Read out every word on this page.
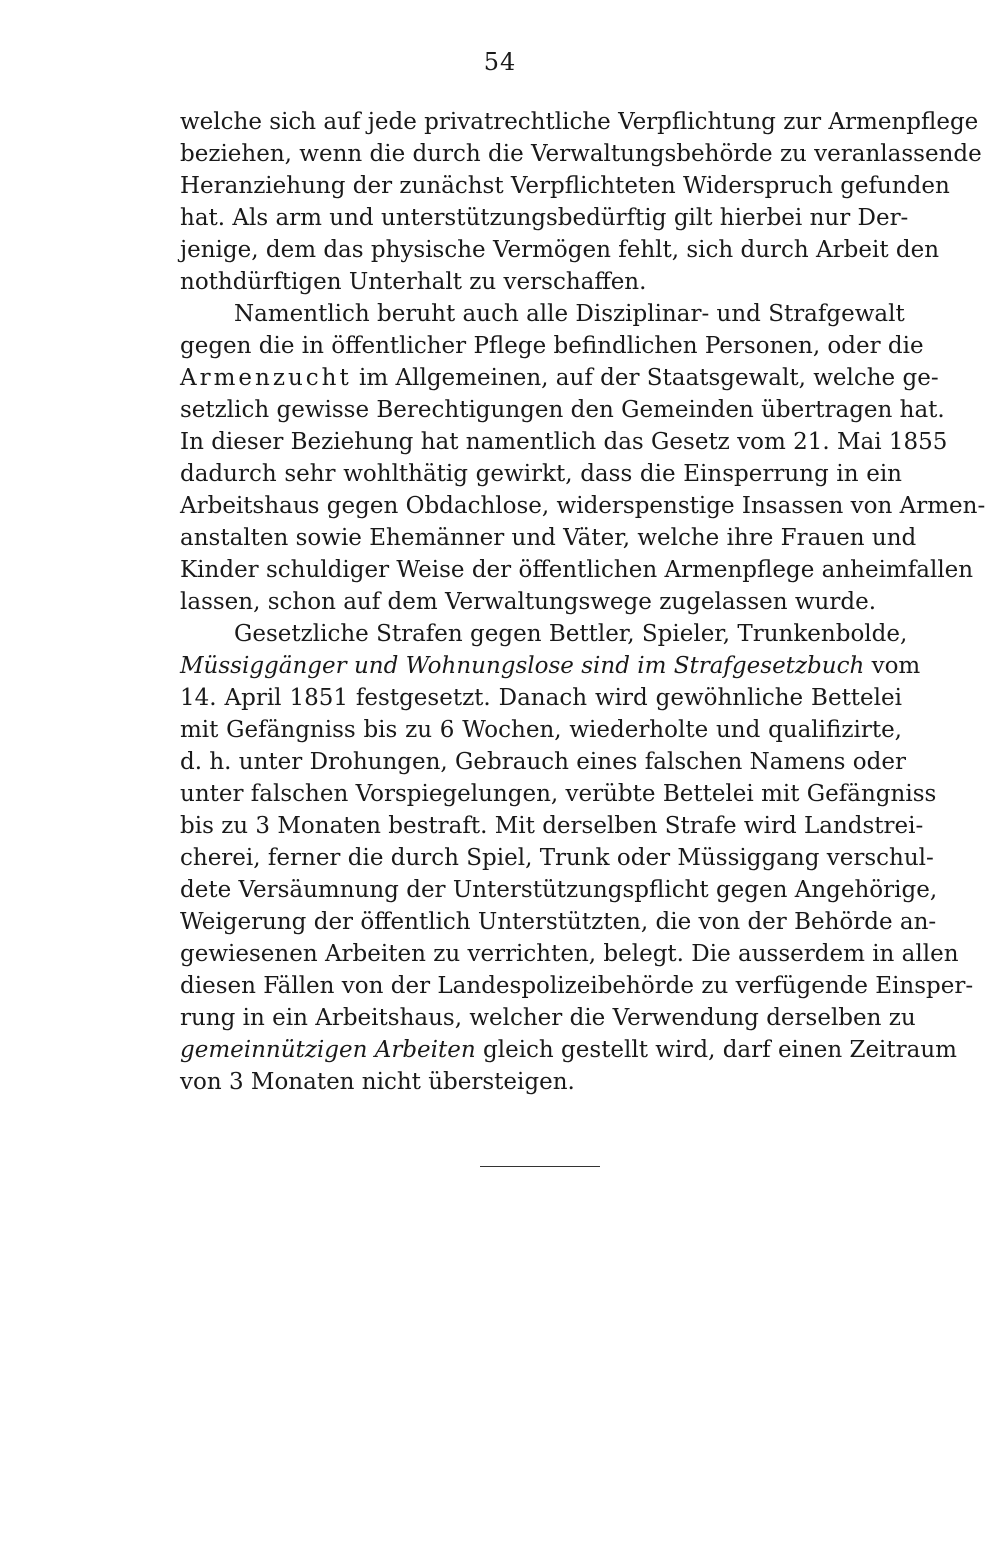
54
welche sich auf jede privatrechtliche Verpflichtung zur Armenpflege
beziehen, wenn die durch die Verwaltungsbehörde zu veranlassende
Heranziehung der zunächst Verpflichteten Widerspruch gefunden
hat. Als arm und unterstützungsbedürftig gilt hierbei nur Der-
jenige, dem das physische Vermögen fehlt, sich durch Arbeit den
nothdürftigen Unterhalt zu verschaffen.
Namentlich beruht auch alle Disziplinar- und Strafgewalt
gegen die in öffentlicher Pflege befindlichen Personen, oder die
Armenzucht im Allgemeinen, auf der Staatsgewalt, welche ge-
setzlich gewisse Berechtigungen den Gemeinden übertragen hat.
In dieser Beziehung hat namentlich das Gesetz vom 21. Mai 1855
dadurch sehr wohlthätig gewirkt, dass die Einsperrung in ein
Arbeitshaus gegen Obdachlose, widerspenstige Insassen von Armen-
anstalten sowie Ehemänner und Väter, welche ihre Frauen und
Kinder schuldiger Weise der öffentlichen Armenpflege anheimfallen
lassen, schon auf dem Verwaltungswege zugelassen wurde.
Gesetzliche Strafen gegen Bettler, Spieler, Trunkenbolde,
Müssiggänger und Wohnungslose sind im Strafgesetzbuch vom
14. April 1851 festgesetzt. Danach wird gewöhnliche Bettelei
mit Gefängniss bis zu 6 Wochen, wiederholte und qualifizirte,
d. h. unter Drohungen, Gebrauch eines falschen Namens oder
unter falschen Vorspiegelungen, verübte Bettelei mit Gefängniss
bis zu 3 Monaten bestraft. Mit derselben Strafe wird Landstrei-
cherei, ferner die durch Spiel, Trunk oder Müssiggang verschul-
dete Versäumnung der Unterstützungspflicht gegen Angehörige,
Weigerung der öffentlich Unterstützten, die von der Behörde an-
gewiesenen Arbeiten zu verrichten, belegt. Die ausserdem in allen
diesen Fällen von der Landespolizeibehörde zu verfügende Einsper-
rung in ein Arbeitshaus, welcher die Verwendung derselben zu
gemeinnützigen Arbeiten gleich gestellt wird, darf einen Zeitraum
von 3 Monaten nicht übersteigen.
